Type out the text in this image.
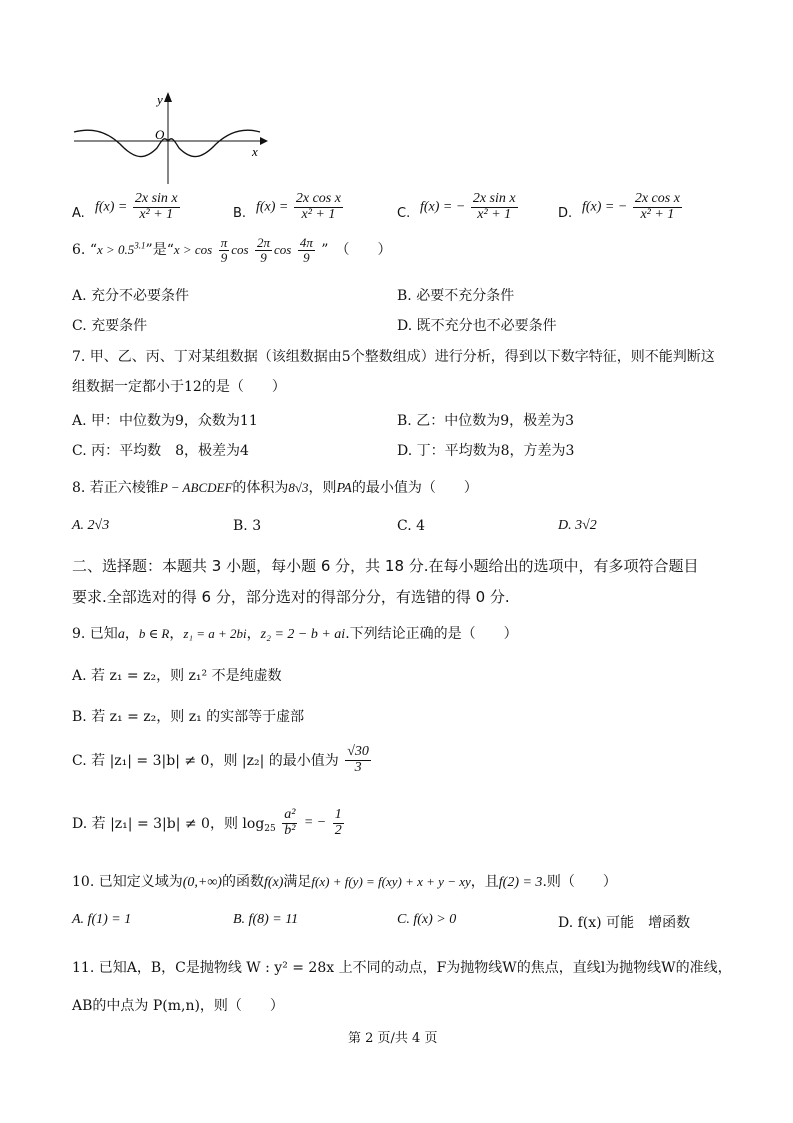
y
O
x
A. $f(x) = \frac{\text{2x sin x}}{\text{x² + 1}}$	B. $f(x) = \frac{\text{2x cos x}}{\text{x² + 1}}$	C. f(x) = − $\frac{\text{2x sin x}}{\text{x² + 1}}$	D. f(x) = − $\frac{\text{2x cos x}}{\text{x² + 1}}$
6. “$x > 0.5^{3.1}$”是“$x > \cos \frac{\pi}{9}$ $\cos \frac{2\pi}{9}$ $\cos \frac{4\pi}{9}$ ”　 （　　）
A. 充分不必要条件	B. 必要不充分条件
C. 充要条件	D. 既不充分也不必要条件
7. 甲、乙、丙、丁对某组数据（该组数据由5个整数组成）进行分析，得到以下数字特征，则不能判断这
组数据一定都小于12的是（　　）
A. 甲：中位数为9，众数为11	B. 乙：中位数为9，极差为3
C. 丙：平均数　8，极差为4	D. 丁：平均数为8，方差为3
8. 若正六棱锥P − ABCDEF的体积为8√3，则PA的最小值为（　　）
A. 2√3	B. 3	C. 4	D. 3√2
二、选择题：本题共 3 小题，每小题 6 分，共 18 分.在每小题给出的选项中，有多项符合题目
要求.全部选对的得 6 分，部分选对的得部分分，有选错的得 0 分.
9. 已知a，b ∈ R，z₁ = a + 2bi，z₂ = 2 − b + ai.下列结论正确的是（　　）
A. 若 z₁ = z₂，则 z₁² 不是纯虚数
B. 若 z₁ = z₂，则 z₁ 的实部等于虚部
C. 若 |z₁| = 3|b| ≠ 0，则 |z₂| 的最小值为 $\frac{√30}{3}$
D. 若 |z₁| = 3|b| ≠ 0，则 $\log_{25} \frac{\text{a²}}{\text{b²}}$ = − $\frac{1}{2}$
10. 已知定义域为(0,+∞)的函数f(x)满足f(x) + f(y) = f(xy) + x + y − xy，且f(2) = 3.则（　　）
A. f(1) = 1	B. f(8) = 11	C. f(x) > 0	D. f(x) 可能　增函数
11. 已知A，B，C是抛物线 W : y² = 28x 上不同的动点，F为抛物线W的焦点，直线l为抛物线W的准线，
AB的中点为 P(m,n)，则（　　）
第 2 页/共 4 页
